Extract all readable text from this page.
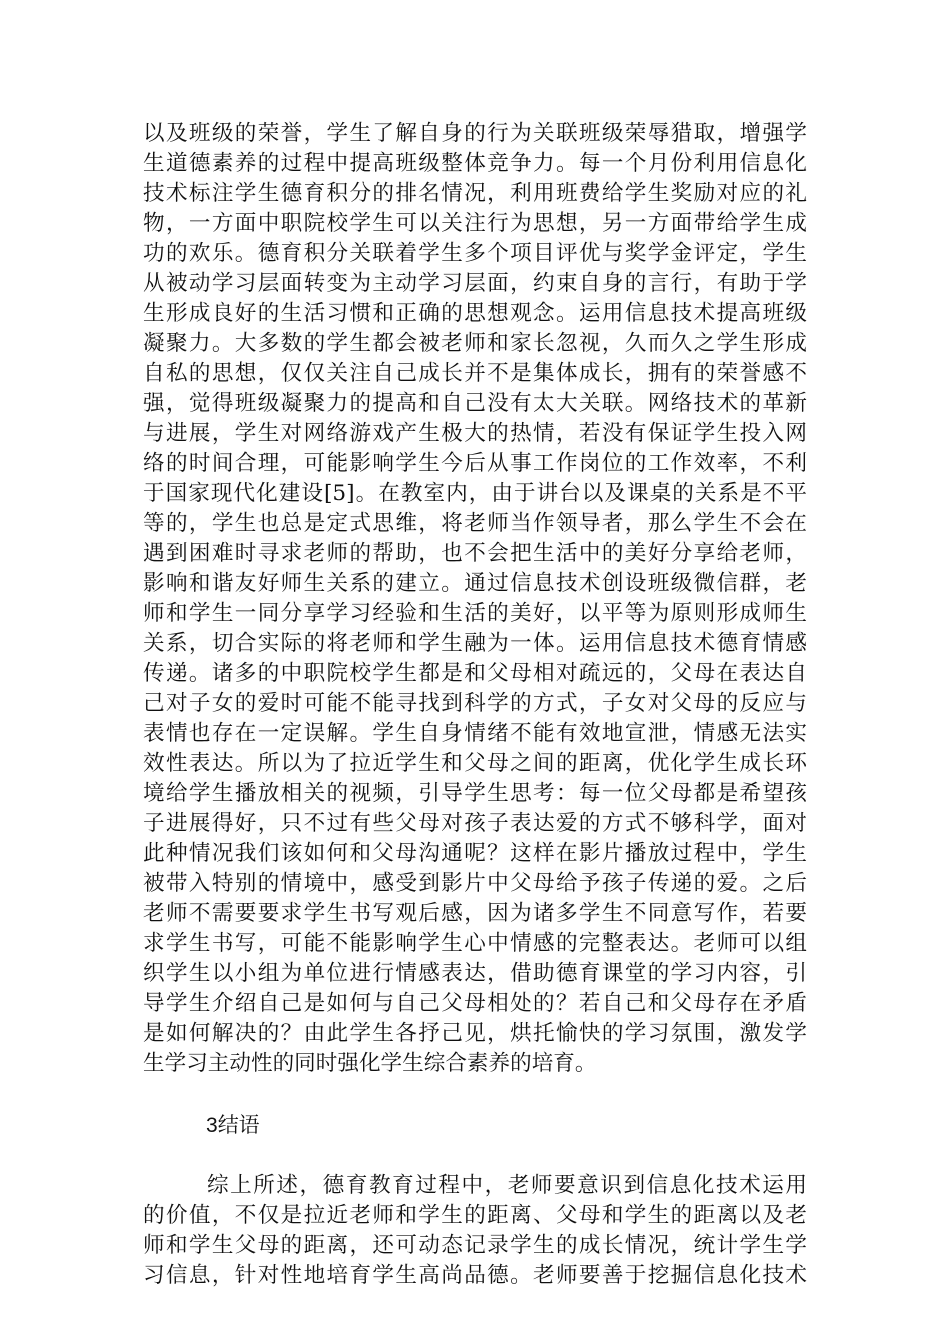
以及班级的荣誉，学生了解自身的行为关联班级荣辱猎取，增强学
生道德素养的过程中提高班级整体竞争力。每一个月份利用信息化
技术标注学生德育积分的排名情况，利用班费给学生奖励对应的礼
物，一方面中职院校学生可以关注行为思想，另一方面带给学生成
功的欢乐。德育积分关联着学生多个项目评优与奖学金评定，学生
从被动学习层面转变为主动学习层面，约束自身的言行，有助于学
生形成良好的生活习惯和正确的思想观念。运用信息技术提高班级
凝聚力。大多数的学生都会被老师和家长忽视，久而久之学生形成
自私的思想，仅仅关注自己成长并不是集体成长，拥有的荣誉感不
强，觉得班级凝聚力的提高和自己没有太大关联。网络技术的革新
与进展，学生对网络游戏产生极大的热情，若没有保证学生投入网
络的时间合理，可能影响学生今后从事工作岗位的工作效率，不利
于国家现代化建设[5]。在教室内，由于讲台以及课桌的关系是不平
等的，学生也总是定式思维，将老师当作领导者，那么学生不会在
遇到困难时寻求老师的帮助，也不会把生活中的美好分享给老师，
影响和谐友好师生关系的建立。通过信息技术创设班级微信群，老
师和学生一同分享学习经验和生活的美好，以平等为原则形成师生
关系，切合实际的将老师和学生融为一体。运用信息技术德育情感
传递。诸多的中职院校学生都是和父母相对疏远的，父母在表达自
己对子女的爱时可能不能寻找到科学的方式，子女对父母的反应与
表情也存在一定误解。学生自身情绪不能有效地宣泄，情感无法实
效性表达。所以为了拉近学生和父母之间的距离，优化学生成长环
境给学生播放相关的视频，引导学生思考：每一位父母都是希望孩
子进展得好，只不过有些父母对孩子表达爱的方式不够科学，面对
此种情况我们该如何和父母沟通呢？这样在影片播放过程中，学生
被带入特别的情境中，感受到影片中父母给予孩子传递的爱。之后
老师不需要要求学生书写观后感，因为诸多学生不同意写作，若要
求学生书写，可能不能影响学生心中情感的完整表达。老师可以组
织学生以小组为单位进行情感表达，借助德育课堂的学习内容，引
导学生介绍自己是如何与自己父母相处的？若自己和父母存在矛盾
是如何解决的？由此学生各抒己见，烘托愉快的学习氛围，激发学
生学习主动性的同时强化学生综合素养的培育。
3结语
综上所述，德育教育过程中，老师要意识到信息化技术运用
的价值，不仅是拉近老师和学生的距离、父母和学生的距离以及老
师和学生父母的距离，还可动态记录学生的成长情况，统计学生学
习信息，针对性地培育学生高尚品德。老师要善于挖掘信息化技术
